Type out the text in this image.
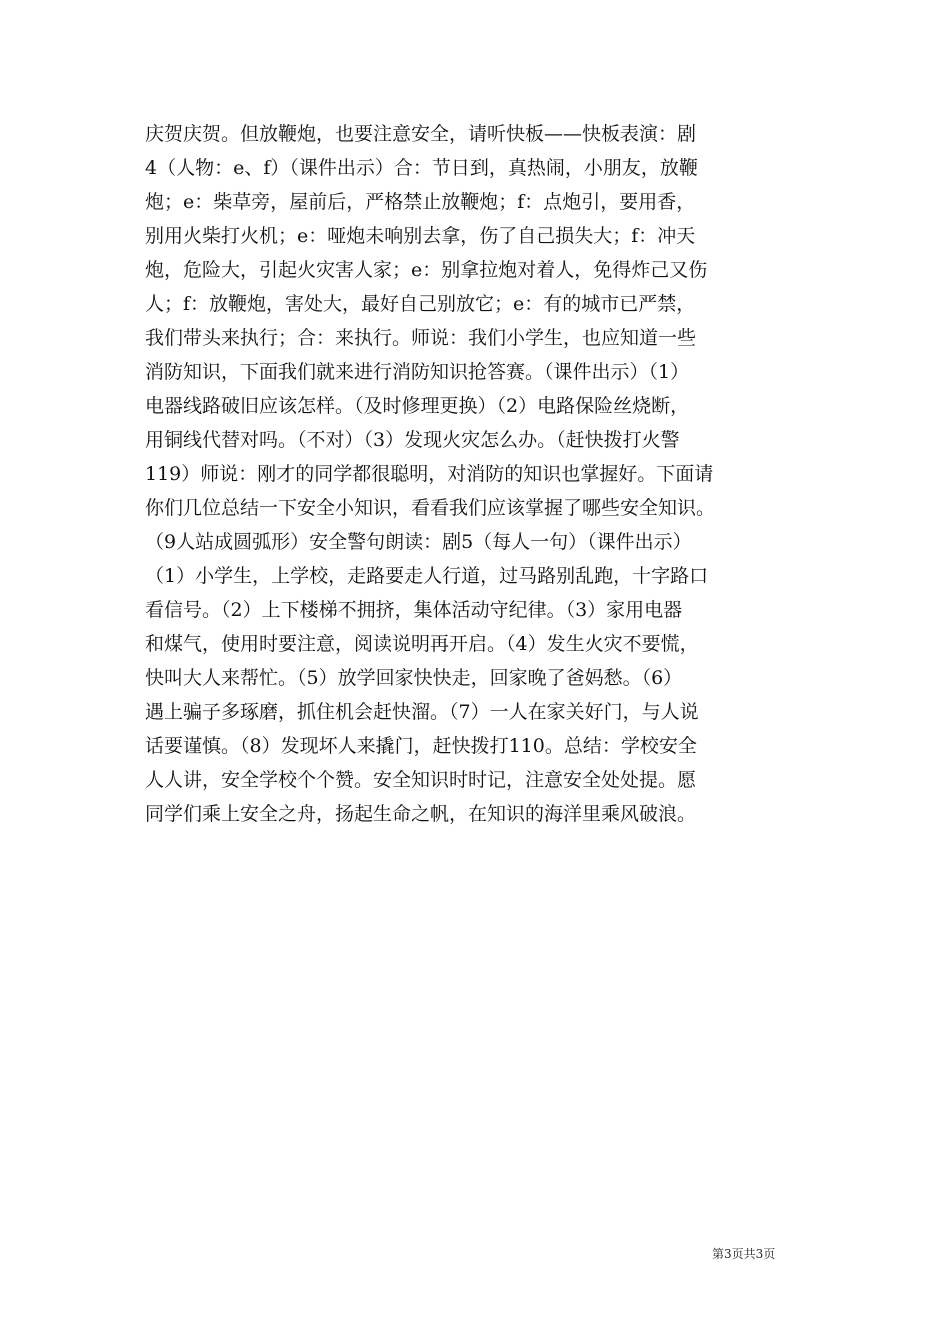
庆贺庆贺。但放鞭炮，也要注意安全，请听快板——快板表演：剧
4（人物：e、f）（课件出示）合：节日到，真热闹，小朋友，放鞭
炮；e：柴草旁，屋前后，严格禁止放鞭炮；f：点炮引，要用香，
别用火柴打火机；e：哑炮未响别去拿，伤了自己损失大；f：冲天
炮，危险大，引起火灾害人家；e：别拿拉炮对着人，免得炸己又伤
人；f：放鞭炮，害处大，最好自己别放它；e：有的城市已严禁，
我们带头来执行；合：来执行。师说：我们小学生，也应知道一些
消防知识，下面我们就来进行消防知识抢答赛。（课件出示）（1）
电器线路破旧应该怎样。（及时修理更换）（2）电路保险丝烧断，
用铜线代替对吗。（不对）（3）发现火灾怎么办。（赶快拨打火警
119）师说：刚才的同学都很聪明，对消防的知识也掌握好。下面请
你们几位总结一下安全小知识，看看我们应该掌握了哪些安全知识。
（9人站成圆弧形）安全警句朗读：剧5（每人一句）（课件出示）
（1）小学生，上学校，走路要走人行道，过马路别乱跑，十字路口
看信号。（2）上下楼梯不拥挤，集体活动守纪律。（3）家用电器
和煤气，使用时要注意，阅读说明再开启。（4）发生火灾不要慌，
快叫大人来帮忙。（5）放学回家快快走，回家晚了爸妈愁。（6）
遇上骗子多琢磨，抓住机会赶快溜。（7）一人在家关好门，与人说
话要谨慎。（8）发现坏人来撬门，赶快拨打110。总结：学校安全
人人讲，安全学校个个赞。安全知识时时记，注意安全处处提。愿
同学们乘上安全之舟，扬起生命之帆，在知识的海洋里乘风破浪。
第3页共3页
